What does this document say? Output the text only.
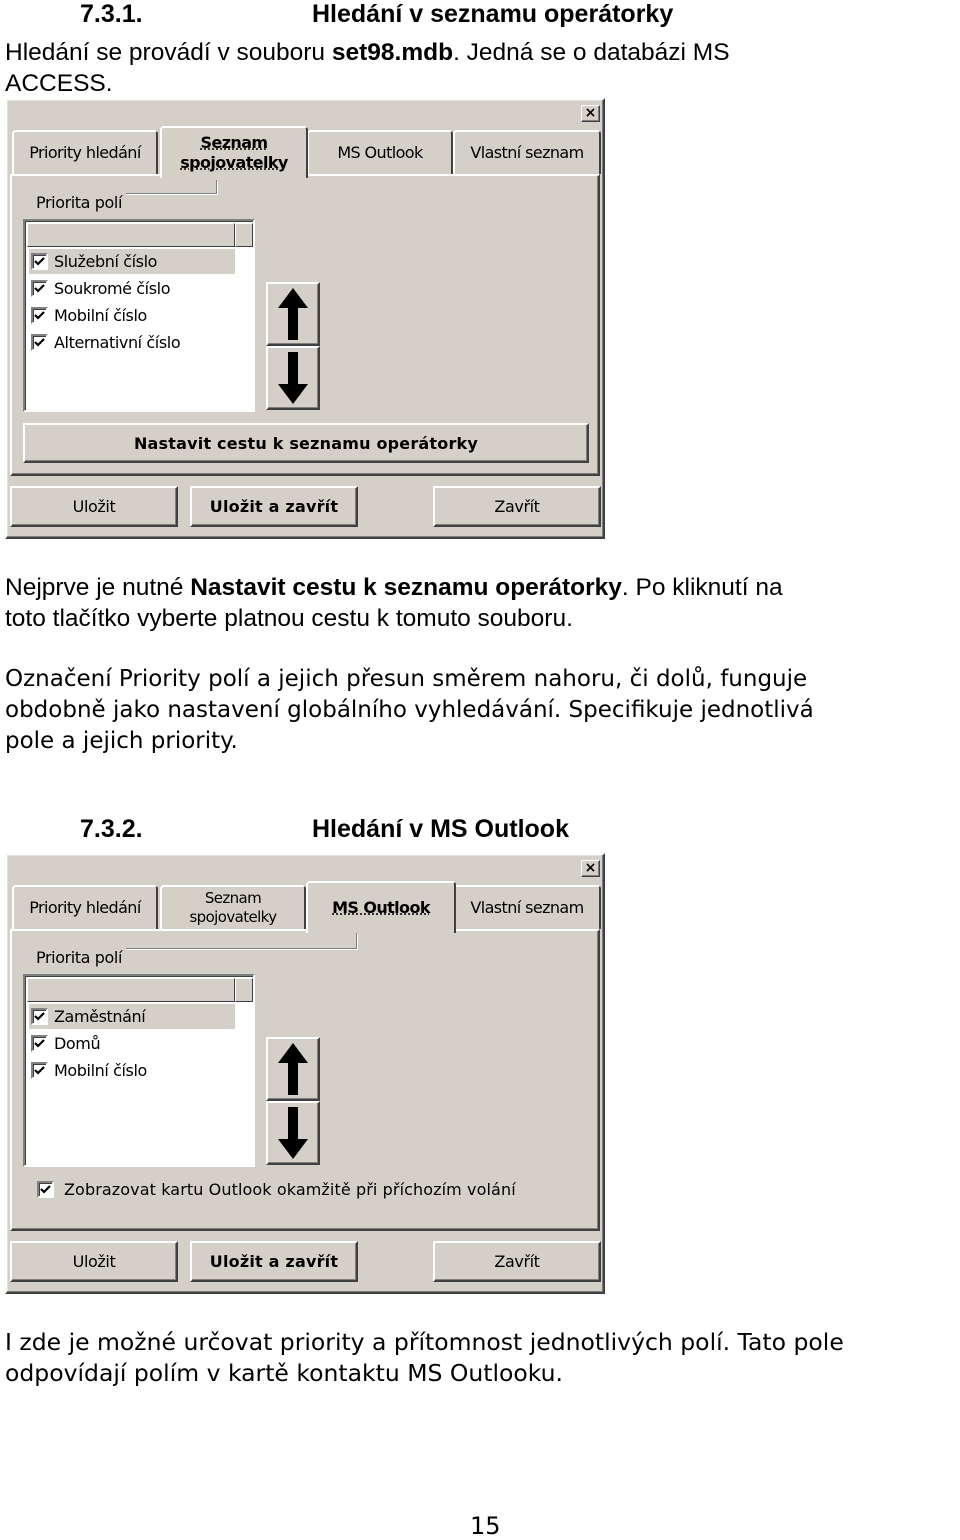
7.3.1.	Hledání v seznamu operátorky
Hledání se provádí v souboru set98.mdb. Jedná se o databázi MS
ACCESS.
×
Priority hledání
Seznam
spojovatelky
MS Outlook	Vlastní seznam
Priorita polí
Služební číslo
Soukromé číslo
Mobilní číslo
Alternativní číslo
Nastavit cestu k seznamu operátorky
Uložit	Uložit a zavřít	Zavřít
Nejprve je nutné Nastavit cestu k seznamu operátorky. Po kliknutí na
toto tlačítko vyberte platnou cestu k tomuto souboru.
Označení Priority polí a jejich přesun směrem nahoru, či dolů, funguje
obdobně jako nastavení globálního vyhledávání. Specifikuje jednotlivá
pole a jejich priority.
7.3.2.	Hledání v MS Outlook
×
Priority hledání	Seznam
spojovatelky	MS Outlook	Vlastní seznam
Priorita polí
Zaměstnání
Domů
Mobilní číslo
Zobrazovat kartu Outlook okamžitě při příchozím volání
Uložit	Uložit a zavřít	Zavřít
I zde je možné určovat priority a přítomnost jednotlivých polí. Tato pole
odpovídají polím v kartě kontaktu MS Outlooku.
15
